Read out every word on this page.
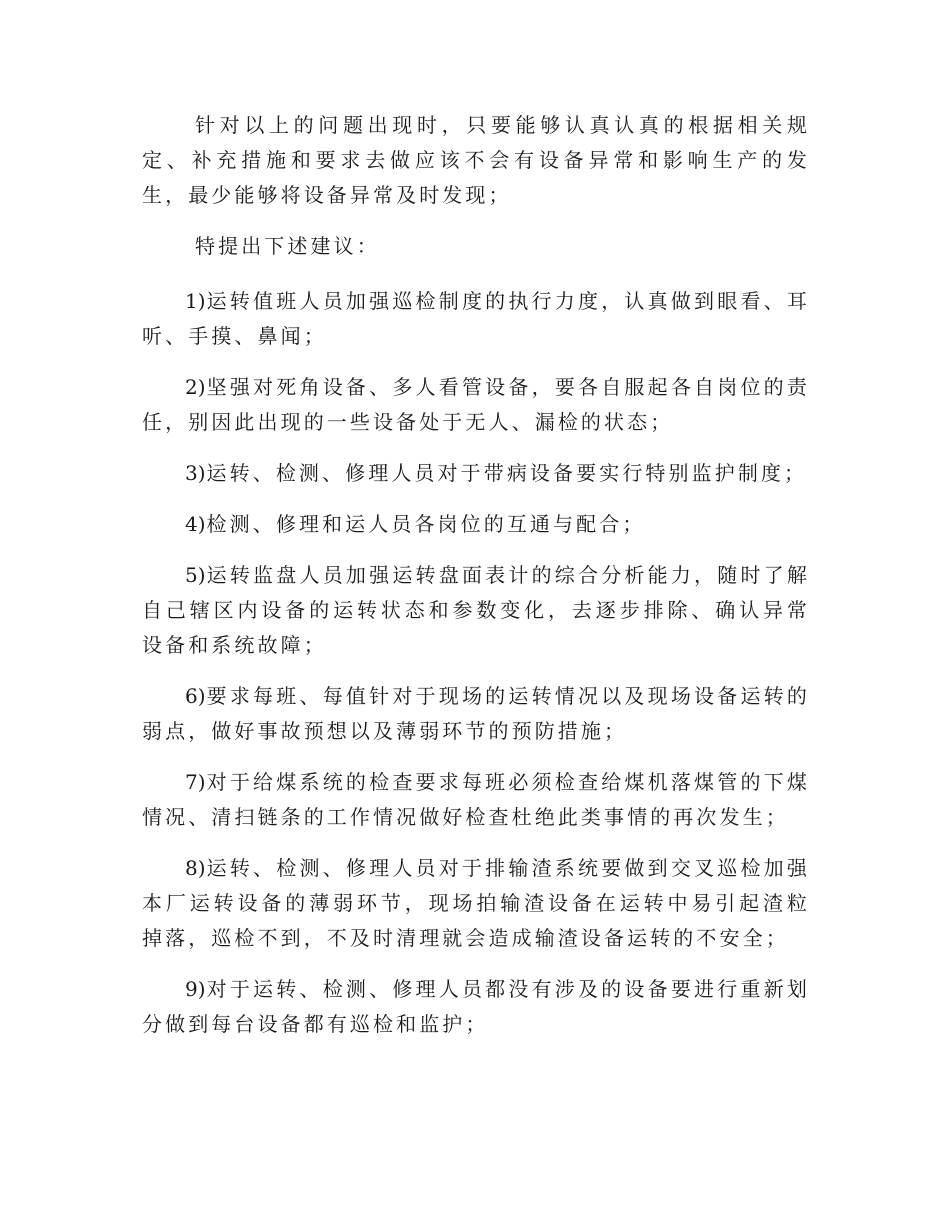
针对以上的问题出现时，只要能够认真认真的根据相关规定、补充措施和要求去做应该不会有设备异常和影响生产的发生，最少能够将设备异常及时发现；

特提出下述建议：

1)运转值班人员加强巡检制度的执行力度，认真做到眼看、耳听、手摸、鼻闻；

2)坚强对死角设备、多人看管设备，要各自服起各自岗位的责任，别因此出现的一些设备处于无人、漏检的状态；

3)运转、检测、修理人员对于带病设备要实行特别监护制度；

4)检测、修理和运人员各岗位的互通与配合；

5)运转监盘人员加强运转盘面表计的综合分析能力，随时了解自己辖区内设备的运转状态和参数变化，去逐步排除、确认异常设备和系统故障；

6)要求每班、每值针对于现场的运转情况以及现场设备运转的弱点，做好事故预想以及薄弱环节的预防措施；

7)对于给煤系统的检查要求每班必须检查给煤机落煤管的下煤情况、清扫链条的工作情况做好检查杜绝此类事情的再次发生；

8)运转、检测、修理人员对于排输渣系统要做到交叉巡检加强本厂运转设备的薄弱环节，现场拍输渣设备在运转中易引起渣粒掉落，巡检不到，不及时清理就会造成输渣设备运转的不安全；

9)对于运转、检测、修理人员都没有涉及的设备要进行重新划分做到每台设备都有巡检和监护；
